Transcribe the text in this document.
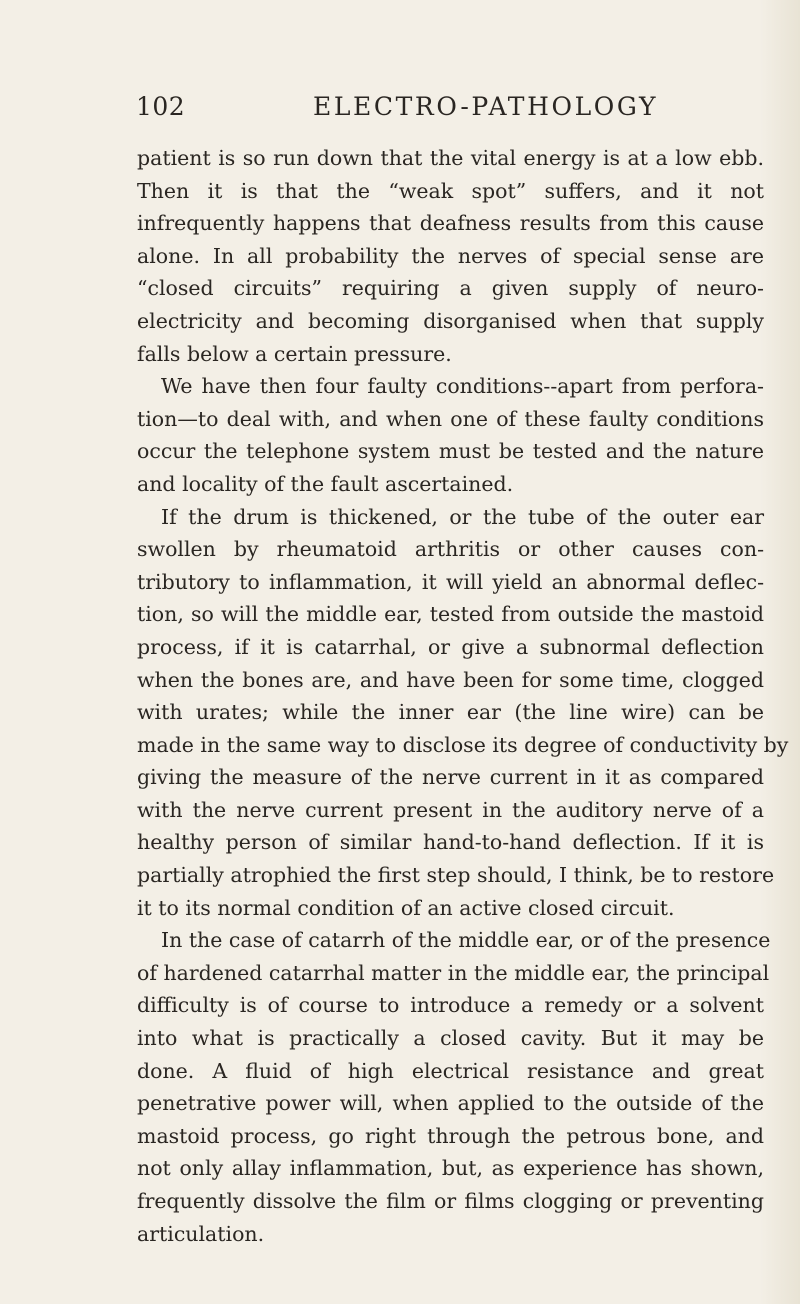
102	ELECTRO-PATHOLOGY
patient is so run down that the vital energy is at a low ebb.
Then it is that the “weak spot” suffers, and it not
infrequently happens that deafness results from this cause
alone. In all probability the nerves of special sense are
“closed circuits” requiring a given supply of neuro-
electricity and becoming disorganised when that supply
falls below a certain pressure.
We have then four faulty conditions--apart from perfora-
tion—to deal with, and when one of these faulty conditions
occur the telephone system must be tested and the nature
and locality of the fault ascertained.
If the drum is thickened, or the tube of the outer ear
swollen by rheumatoid arthritis or other causes con-
tributory to inflammation, it will yield an abnormal deflec-
tion, so will the middle ear, tested from outside the mastoid
process, if it is catarrhal, or give a subnormal deflection
when the bones are, and have been for some time, clogged
with urates; while the inner ear (the line wire) can be
made in the same way to disclose its degree of conductivity by
giving the measure of the nerve current in it as compared
with the nerve current present in the auditory nerve of a
healthy person of similar hand-to-hand deflection. If it is
partially atrophied the first step should, I think, be to restore
it to its normal condition of an active closed circuit.
In the case of catarrh of the middle ear, or of the presence
of hardened catarrhal matter in the middle ear, the principal
difficulty is of course to introduce a remedy or a solvent
into what is practically a closed cavity. But it may be
done. A fluid of high electrical resistance and great
penetrative power will, when applied to the outside of the
mastoid process, go right through the petrous bone, and
not only allay inflammation, but, as experience has shown,
frequently dissolve the film or films clogging or preventing
articulation.
